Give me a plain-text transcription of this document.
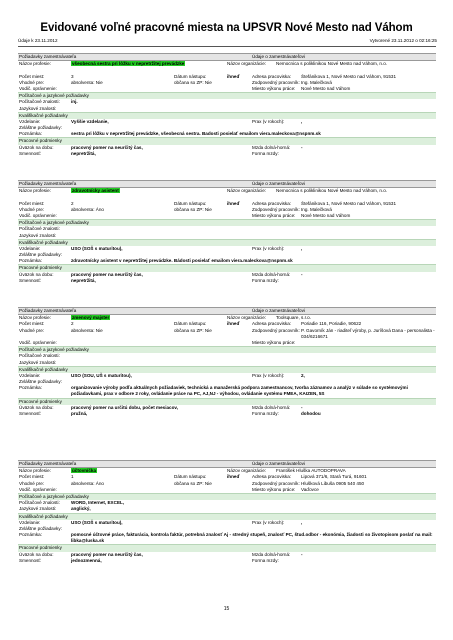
Evidované voľné pracovné miesta na UPSVR Nové Mesto nad Váhom
Údaje k 23.11.2012	Vytvorené 23.11.2012 o 02:16:25
Požiadavky zamestnávateľa	Údaje o zamestnávateľovi
Názov profesie:	všeobecná sestra pri lôžku v nepretržitej prevádzke	Názov organizácie:	Nemocnica s poliklinikou Nové Mesto nad Váhom, n.o.
Počet miest:	3	Dátum nástupu:	ihneď	Adresa pracoviska:	Štefánikova 1, Nové Mesto nad Váhom, 91531
Vhodné pre:	absolventa: Nie	občana so ZP: Nie	Zodpovedný pracovník: Ing. Malečková
Vodič. oprávnenie:	Miesto výkonu práce:	Nové Mesto nad Váhom
Počítačové a jazykové požiadavky
Počítačové znalosti:	inj.
Jazykové znalosti:
Kvalifikačné požiadavky
Vzdelanie:	Vyššie vzdelanie,	Prax (v rokoch):	,
Zvláštne požiadavky:
Poznámka:	sestra pri lôžku v nepretržitej prevádzke, všeobecná sestra. Badosti posielať emailom viera.maleckova@nspnm.sk
Pracovné podmienky
Úväzok na dobu:	pracovný pomer na neurčitý čas,	Mzda dolná-horná:	-
Smennosť:	nepretržitá,	Forma mzdy:
Požiadavky zamestnávateľa	Údaje o zamestnávateľovi
Názov profesie:	zdravotnícky asistent	Názov organizácie:	Nemocnica s poliklinikou Nové Mesto nad Váhom, n.o.
Počet miest:	2	Dátum nástupu:	ihneď	Adresa pracoviska:	Štefánikova 1, Nové Mesto nad Váhom, 91531
Vhodné pre:	absolventa: Áno	občana so ZP: Nie	Zodpovedný pracovník: Ing. Malečková
Vodič. oprávnenie:	Miesto výkonu práce:	Nové Mesto nad Váhom
Počítačové a jazykové požiadavky
Počítačové znalosti:
Jazykové znalosti:
Kvalifikačné požiadavky
Vzdelanie:	USO (SOŠ s maturitou),	Prax (v rokoch):	,
Zvláštne požiadavky:
Poznámka:	zdravotnícky asistent v nepretržitej prevádzke. Bádosti posielať emailom viera.maleckova@nspnm.sk
Pracovné podmienky
Úväzok na dobu:	pracovný pomer na neurčitý čas,	Mzda dolná-horná:	-
Smennosť:	nepretržitá,	Forma mzdy:
Požiadavky zamestnávateľa	Údaje o zamestnávateľovi
Názov profesie:	zmenový majster	Názov organizácie:	Toolsquare, s.r.o.
Počet miest:	2	Dátum nástupu:	ihneď	Adresa pracoviska:	Poriadie 116, Poriadie, 90622
Vhodné pre:	absolventa: Nie	občana so ZP: Nie	Zodpovedný pracovník: P. Gavorník Ján - riaditeľ výroby, p. Juríšová Dana - personalista - 034/6216671
Vodič. oprávnenie:	Miesto výkonu práce:
Počítačové a jazykové požiadavky
Počítačové znalosti:
Jazykové znalosti:
Kvalifikačné požiadavky
Vzdelanie:	USO (SOU, UŠ s maturitou),	Prax (v rokoch):	2,
Zvláštne požiadavky:
Poznámka:	organizovanie výroby podľa aktuálnych požiadaviek, technická a manažerská podpora zamestnancov, tvorba záznamov a analýz v súlade so systémovými požiadavkami, prax v odbore 2 roky, ovládanie práce na PC, AJ,NJ - výhodou, ovládanie systému FMEA, KAIZEN, 5S
Pracovné podmienky
Úväzok na dobu:	pracovný pomer na určitú dobu, počet mesiacov,	Mzda dolná-horná:	-
Smennosť:	pružná,	Forma mzdy:	dohodou
Požiadavky zamestnávateľa	Údaje o zamestnávateľovi
Názov profesie:	účtovníčka	Názov organizácie:	František Hluška AUTODOPRAVA
Počet miest:	1	Dátum nástupu:	ihneď	Adresa pracoviska:	Lipová 371/6, Stará Turá, 91601
Vhodné pre:	absolventa: Áno	občana so ZP: Nie	Zodpovedný pracovník: Hlušková Libuša 0905 540 450
Vodič. oprávnenie:	Miesto výkonu práce:	Vaďovce
Počítačové a jazykové požiadavky
Počítačové znalosti:	WORD, Internet, EXCEL,
Jazykové znalosti:	anglický,
Kvalifikačné požiadavky
Vzdelanie:	USO (SOŠ s maturitou),	Prax (v rokoch):	,
Zvláštne požiadavky:
Poznámka:	pomocné účtovné práce, fakturácia, kontrola faktúr, potrebná znalosť Aj - stredný stupeň, znalosť PC, štud.odbor - ekonómia, žiadosti so životopisom poslať na mail: libka@luska.sk
Pracovné podmienky
Úväzok na dobu:	pracovný pomer na neurčitý čas,	Mzda dolná-horná:	-
Smennosť:	jednozmenná,	Forma mzdy:
15
